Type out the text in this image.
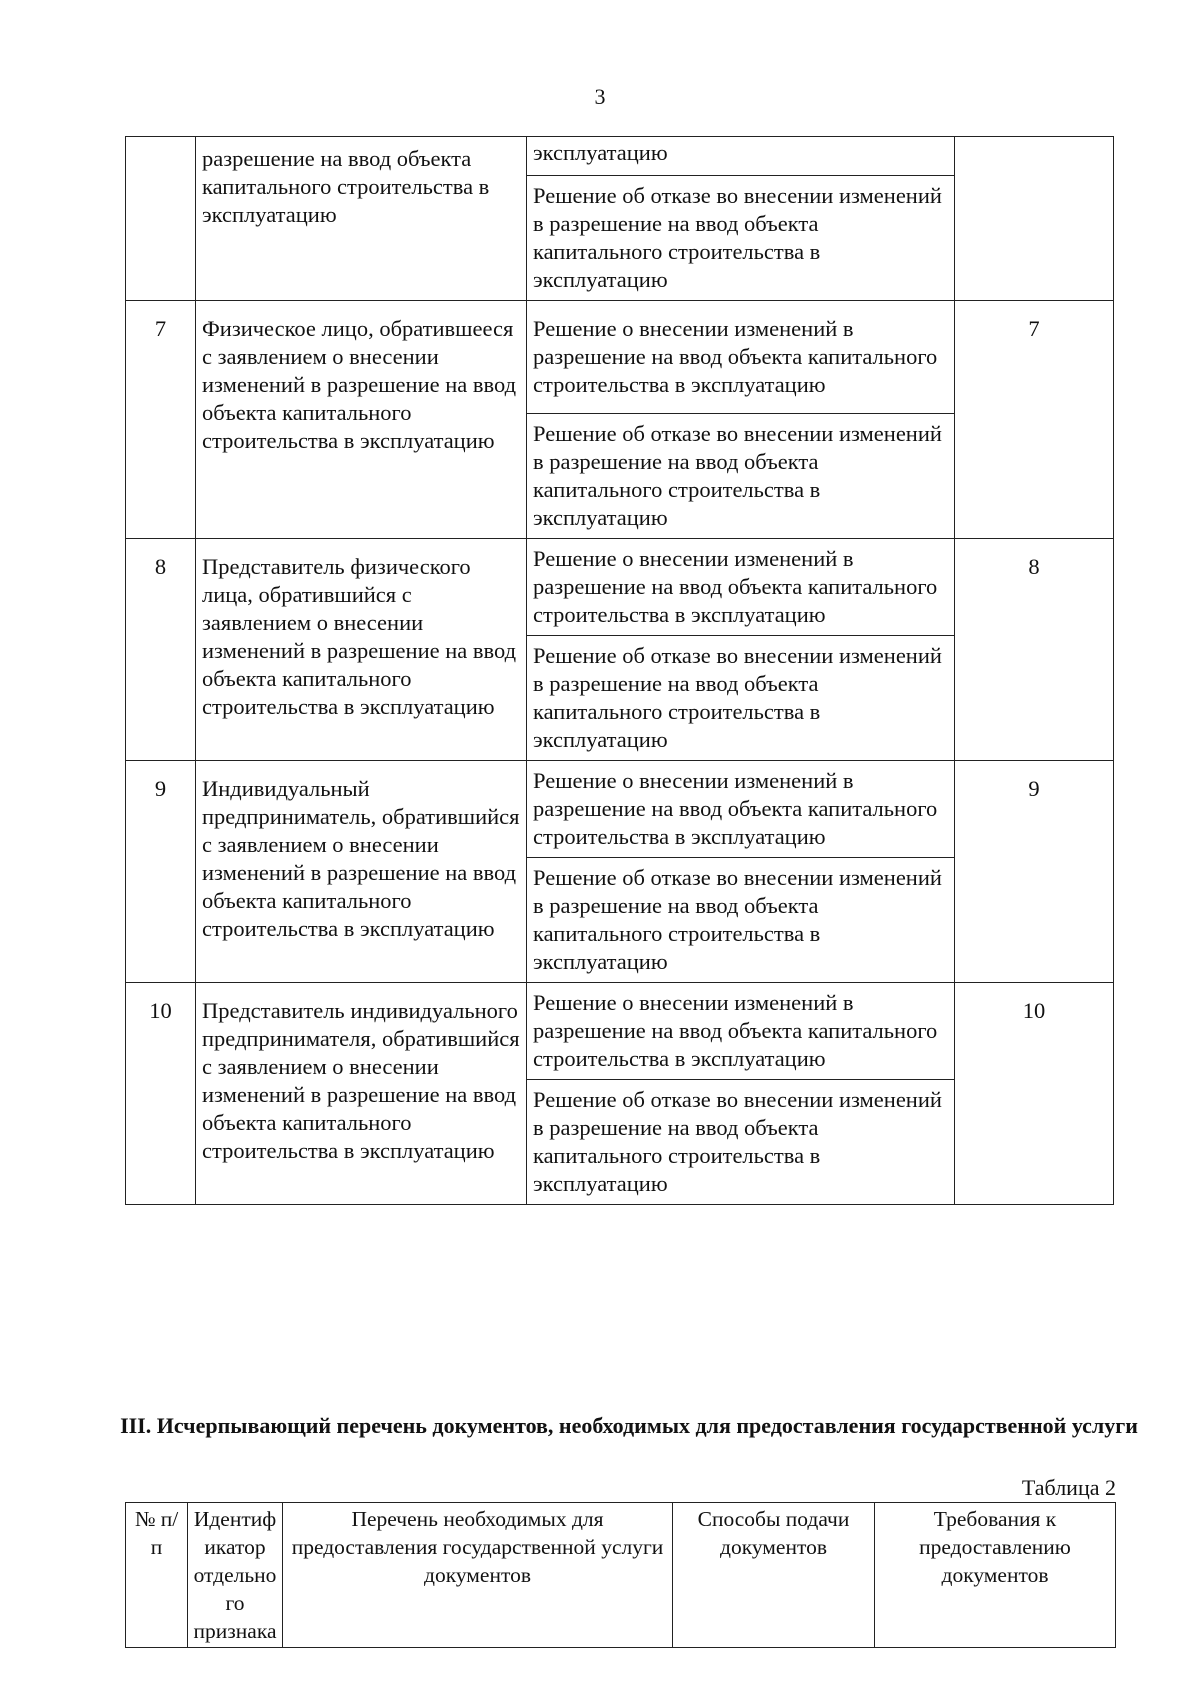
3
	разрешение на ввод объекта капитального строительства в эксплуатацию	эксплуатацию	
		Решение об отказе во внесении изменений в разрешение на ввод объекта капитального строительства в эксплуатацию	
7	Физическое лицо, обратившееся с заявлением о внесении изменений в разрешение на ввод объекта капитального строительства в эксплуатацию	Решение о внесении изменений в разрешение на ввод объекта капитального строительства в эксплуатацию	7
		Решение об отказе во внесении изменений в разрешение на ввод объекта капитального строительства в эксплуатацию	
8	Представитель физического лица, обратившийся с заявлением о внесении изменений в разрешение на ввод объекта капитального строительства в эксплуатацию	Решение о внесении изменений в разрешение на ввод объекта капитального строительства в эксплуатацию	8
		Решение об отказе во внесении изменений в разрешение на ввод объекта капитального строительства в эксплуатацию	
9	Индивидуальный предприниматель, обратившийся с заявлением о внесении изменений в разрешение на ввод объекта капитального строительства в эксплуатацию	Решение о внесении изменений в разрешение на ввод объекта капитального строительства в эксплуатацию	9
		Решение об отказе во внесении изменений в разрешение на ввод объекта капитального строительства в эксплуатацию	
10	Представитель индивидуального предпринимателя, обратившийся с заявлением о внесении изменений в разрешение на ввод объекта капитального строительства в эксплуатацию	Решение о внесении изменений в разрешение на ввод объекта капитального строительства в эксплуатацию	10
		Решение об отказе во внесении изменений в разрешение на ввод объекта капитального строительства в эксплуатацию	
III. Исчерпывающий перечень документов, необходимых для предоставления государственной услуги
Таблица 2
№ п/п	Идентиф икатор отдельно го признака	Перечень необходимых для предоставления государственной услуги документов	Способы подачи документов	Требования к предоставлению документов
